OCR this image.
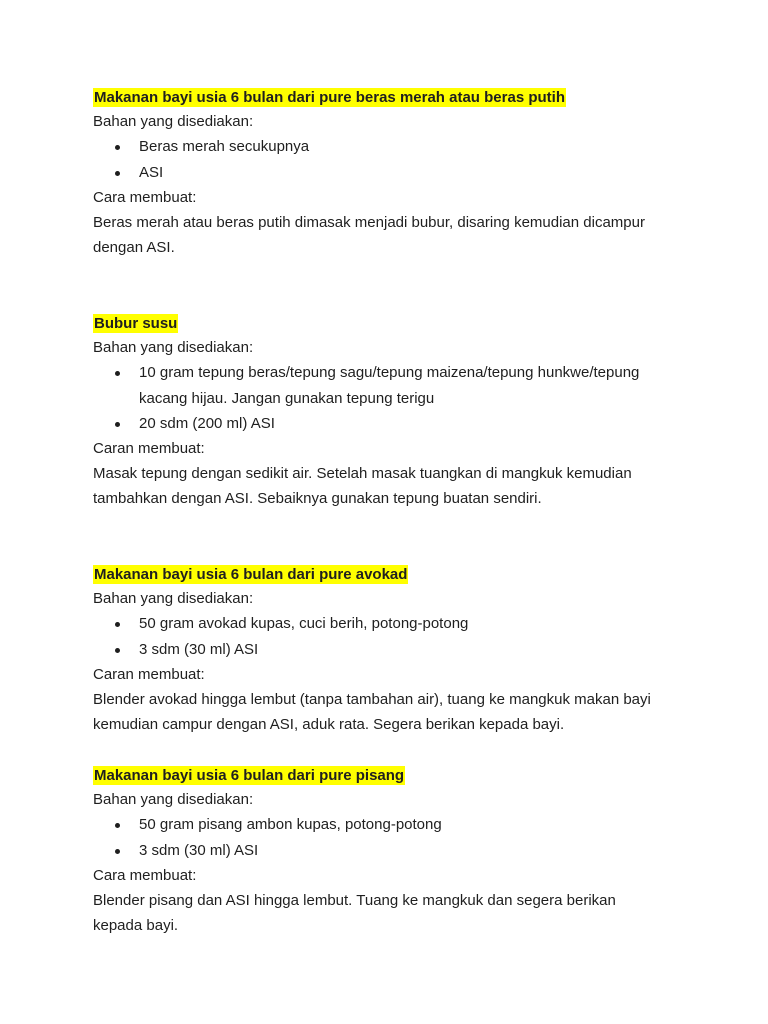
Makanan bayi usia 6 bulan dari pure beras merah atau beras putih
Bahan yang disediakan:
Beras merah secukupnya
ASI
Cara membuat:
Beras merah atau beras putih dimasak menjadi bubur, disaring kemudian dicampur dengan ASI.
Bubur susu
Bahan yang disediakan:
10 gram tepung beras/tepung sagu/tepung maizena/tepung hunkwe/tepung kacang hijau. Jangan gunakan tepung terigu
20 sdm (200 ml) ASI
Caran membuat:
Masak tepung dengan sedikit air. Setelah masak tuangkan di mangkuk kemudian tambahkan dengan ASI. Sebaiknya gunakan tepung buatan sendiri.
Makanan bayi usia 6 bulan dari pure avokad
Bahan yang disediakan:
50 gram avokad kupas, cuci berih, potong-potong
3 sdm (30 ml) ASI
Caran membuat:
Blender avokad hingga lembut (tanpa tambahan air), tuang ke mangkuk makan bayi kemudian campur dengan ASI, aduk rata. Segera berikan kepada bayi.
Makanan bayi usia 6 bulan dari pure pisang
Bahan yang disediakan:
50 gram pisang ambon kupas, potong-potong
3 sdm (30 ml) ASI
Cara membuat:
Blender pisang dan ASI hingga lembut. Tuang ke mangkuk dan segera berikan kepada bayi.
